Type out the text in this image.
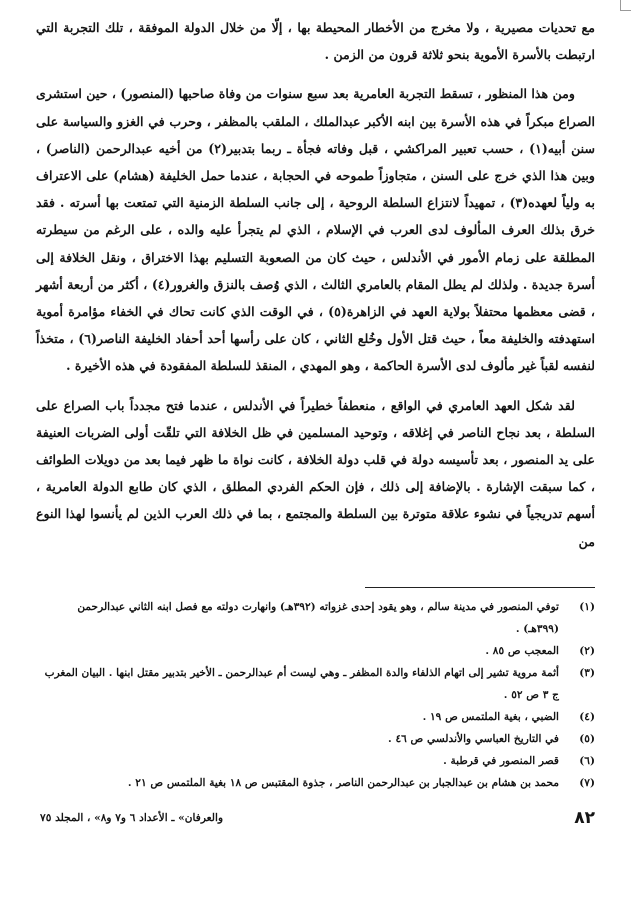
مع تحديات مصيرية ، ولا مخرج من الأخطار المحيطة بها ، إلّا من خلال الدولة الموفقة ، تلك التجربة التي ارتبطت بالأسرة الأموية بنحو ثلاثة قرون من الزمن .

ومن هذا المنظور ، تسقط التجربة العامرية بعد سبع سنوات من وفاة صاحبها (المنصور) ، حين استشرى الصراع مبكراً في هذه الأسرة بين ابنه الأكبر عبدالملك ، الملقب بالمظفر ، وحرب في الغزو والسياسة على سنن أبيه(١) ، حسب تعبير المراكشي ، قبل وفاته فجأة ـ ربما بتدبير(٢) من أخيه عبدالرحمن (الناصر) ، وبين هذا الذي خرج على السنن ، متجاوزاً طموحه في الحجابة ، عندما حمل الخليفة (هشام) على الاعتراف به ولياً لعهده(٣) ، تمهيداً لانتزاع السلطة الروحية ، إلى جانب السلطة الزمنية التي تمتعت بها أسرته . فقد خرق بذلك العرف المألوف لدى العرب في الإسلام ، الذي لم يتجرأ عليه والده ، على الرغم من سيطرته المطلقة على زمام الأمور في الأندلس ، حيث كان من الصعوبة التسليم بهذا الاختراق ، ونقل الخلافة إلى أسرة جديدة . ولذلك لم يطل المقام بالعامري الثالث ، الذي وُصف بالنزق والغرور(٤) ، أكثر من أربعة أشهر ، قضى معظمها محتفلاً بولاية العهد في الزاهرة(٥) ، في الوقت الذي كانت تحاك في الخفاء مؤامرة أموية استهدفته والخليفة معاً ، حيث قتل الأول وخُلع الثاني ، كان على رأسها أحد أحفاد الخليفة الناصر(٦) ، متخذاً لنفسه لقباً غير مألوف لدى الأسرة الحاكمة ، وهو المهدي ، المنقذ للسلطة المفقودة في هذه الأخيرة .

لقد شكل العهد العامري في الواقع ، منعطفاً خطيراً في الأندلس ، عندما فتح مجدداً باب الصراع على السلطة ، بعد نجاح الناصر في إغلاقه ، وتوحيد المسلمين في ظل الخلافة التي تلقّت أولى الضربات العنيفة على يد المنصور ، بعد تأسيسه دولة في قلب دولة الخلافة ، كانت نواة ما ظهر فيما بعد من دويلات الطوائف ، كما سبقت الإشارة . بالإضافة إلى ذلك ، فإن الحكم الفردي المطلق ، الذي كان طابع الدولة العامرية ، أسهم تدريجياً في نشوء علاقة متوترة بين السلطة والمجتمع ، بما في ذلك العرب الذين لم يأنسوا لهذا النوع من

(١)
توفي المنصور في مدينة سالم ، وهو يقود إحدى غزواته (٣٩٢هـ) وانهارت دولته مع فصل ابنه الثاني عبدالرحمن (٣٩٩هـ) .
(٢)
المعجب ص ٨٥ .
(٣)
أثمة مروية تشير إلى اتهام الذلفاء والدة المظفر ـ وهي ليست أم عبدالرحمن ـ الأخير بتدبير مقتل ابنها . البيان المغرب ج ٣ ص ٥٢ .
(٤)
الضبي ، بغية الملتمس ص ١٩ .
(٥)
في التاريخ العباسي والأندلسي ص ٤٦ .
(٦)
قصر المنصور في قرطبة .
(٧)
محمد بن هشام بن عبدالجبار بن عبدالرحمن الناصر ، جذوة المقتبس ص ١٨ بغية الملتمس ص ٢١ .
٨٢
والعرفان» ـ الأعداد ٦ و٧ و٨» ، المجلد ٧٥
